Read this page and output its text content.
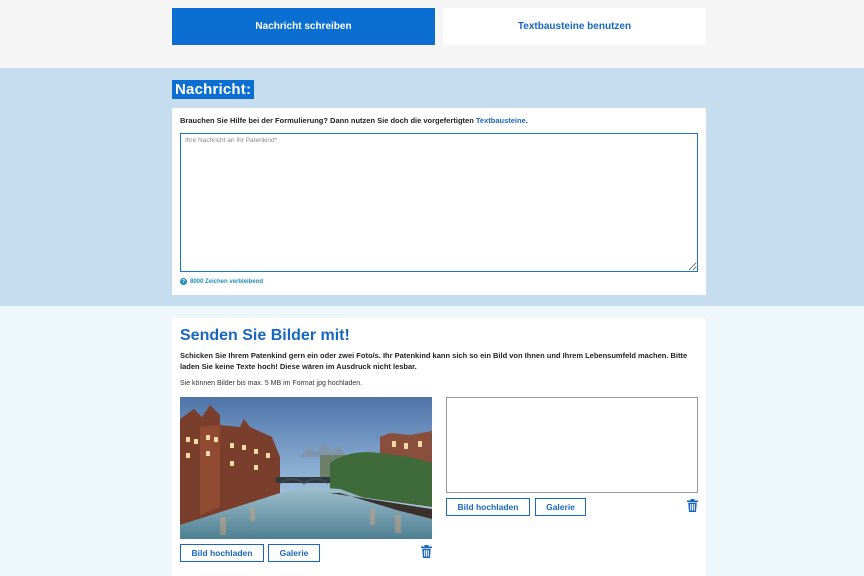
Nachricht schreiben	Textbausteine benutzen
Nachricht:
Brauchen Sie Hilfe bei der Formulierung? Dann nutzen Sie doch die vorgefertigten Textbausteine.
Ihre Nachricht an Ihr Patenkind*
? 8000 Zeichen verbleibend
Senden Sie Bilder mit!
Schicken Sie Ihrem Patenkind gern ein oder zwei Foto/s. Ihr Patenkind kann sich so ein Bild von Ihnen und Ihrem Lebensumfeld machen. Bitte laden Sie keine Texte hoch! Diese wären im Ausdruck nicht lesbar.
Sie können Bilder bis max. 5 MB im Format jpg hochladen.
Bild hochladen	Galerie
Bild hochladen	Galerie
